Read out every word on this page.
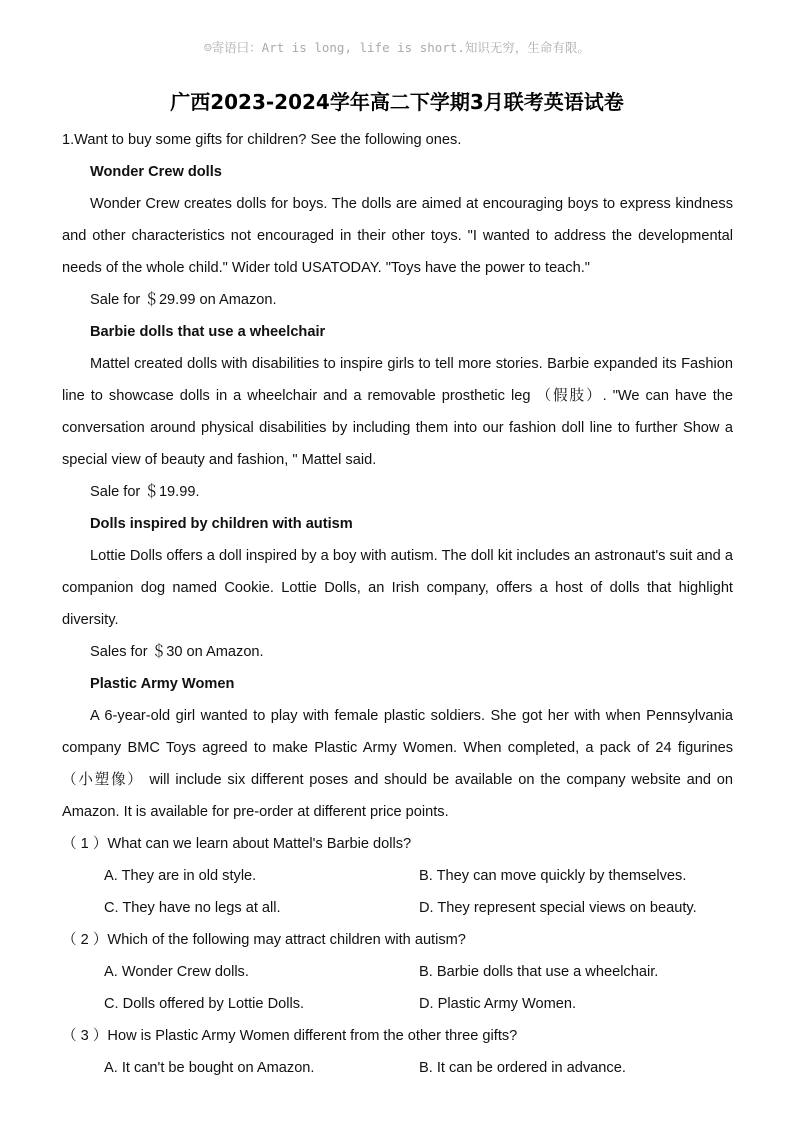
☺寄语曰：Art is long, life is short.知识无穷，生命有限。
广西2023-2024学年高二下学期3月联考英语试卷

1.Want to buy some gifts for children? See the following ones.

Wonder Crew dolls

Wonder Crew creates dolls for boys. The dolls are aimed at encouraging boys to express kindness and other characteristics not encouraged in their other toys. "I wanted to address the developmental needs of the whole child." Wider told USATODAY. "Toys have the power to teach."

Sale for ＄29.99 on Amazon.

Barbie dolls that use a wheelchair

Mattel created dolls with disabilities to inspire girls to tell more stories. Barbie expanded its Fashion line to showcase dolls in a wheelchair and a removable prosthetic leg （假肢）. "We can have the conversation around physical disabilities by including them into our fashion doll line to further Show a special view of beauty and fashion, " Mattel said.

Sale for ＄19.99.

Dolls inspired by children with autism

Lottie Dolls offers a doll inspired by a boy with autism. The doll kit includes an astronaut's suit and a companion dog named Cookie. Lottie Dolls, an Irish company, offers a host of dolls that highlight diversity.

Sales for ＄30 on Amazon.

Plastic Army Women

A 6-year-old girl wanted to play with female plastic soldiers. She got her with when Pennsylvania company BMC Toys agreed to make Plastic Army Women. When completed, a pack of 24 figurines （小塑像） will include six different poses and should be available on the company website and on Amazon. It is available for pre-order at different price points.

（ 1 ）What can we learn about Mattel's Barbie dolls?

A. They are in old style.	B. They can move quickly by themselves.
C. They have no legs at all.	D. They represent special views on beauty.

（ 2 ）Which of the following may attract children with autism?

A. Wonder Crew dolls.	B. Barbie dolls that use a wheelchair.
C. Dolls offered by Lottie Dolls.	D. Plastic Army Women.

（ 3 ）How is Plastic Army Women different from the other three gifts?

A. It can't be bought on Amazon.	B. It can be ordered in advance.
